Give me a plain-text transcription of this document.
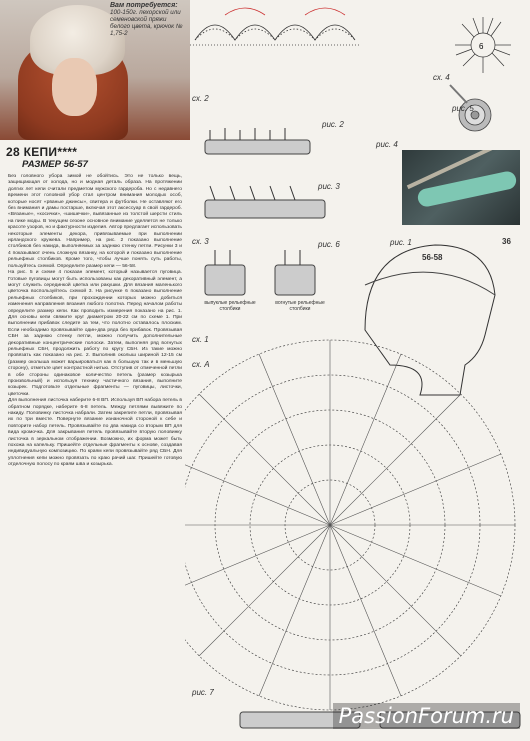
Вам потребуется: 100-150г. пехорской или семеновской пряжи белого цвета, крючок № 1,75-2
28 КЕПИ****
РАЗМЕР 56-57

Без головного убора зимой не обойтись. Это не только вещь, защищающая от холода, но и модная деталь образа. На протяжении долгих лет кепи считали предметом мужского гардероба. Но с недавнего времени этот головной убор стал центром внимания молодых особ, которые носят «рваные джинсы», свитера и футболки. Не оставляют его без внимания и дамы постарше, включая этот аксессуар в свой гардероб. «Вязаные», «косички», «шишечки», вывязанные из толстой шерсти стиль на пике моды. В текущем сезоне основное внимание уделяется не только красоте узоров, но и фактурности изделия. Автор предлагает использовать некоторые элементы декора, привязываемые при выполнении ирландского кружева. Например, на рис. 2 показано выполнение столбиков без накида, выполняемых за заднюю стенку петли. Рисунки 3 и 4 показывают очень сложную вязанку, на которой и показано выполнение рельефных столбиков. Кроме того, чтобы лучше понять суть работы, пользуйтесь схемой. Определите размер кепи — 56-58.

На рис. 5 и схеме 4 показан элемент, который называется пуговица. Готовые пуговицы могут быть использованы как декоративный элемент, а могут служить серединкой цветка или ракушки. Для вязания маленького цветочка воспользуйтесь схемой 3. На рисунке 6 показано выполнение рельефных столбиков, при прохождении которых можно добиться изменения направления вязания любого полотна. Перед началом работы определите размер кепи. Как проводить измерения показано на рис. 1. Для основы кепи свяжите круг диаметром 20-22 см по схеме 1. При выполнении прибавок следите за тем, что полотно оставалось плоским. Если необходимо провязывайте один-два ряда без прибавок. Провязывая СБН за заднюю стенку петли, можно получить дополнительные декоративные концентрические полоски. Затем, выполняя ряд вогнутых рельефных СБН, продолжить работу по кругу СБН. Из такие можно провязать как показано на рис. 2. Выполнив околыш шириной 12-15 см (размер околыша может варьироваться как в большую так и в меньшую сторону), отметьте цвет контрастной нитью. Отступив от отмеченной петли в обе стороны одинаковое количество петель (размер козырька произвольный) и используя технику частичного вязания, выполните козырек. Подготовьте отдельные фрагменты — пуговицы, листочки, цветочки.

Для выполнения листочка наберите 6-8 ВП. Используя ВП набора петель в обратном порядке, наберите 6-8 петель. Между петлями вывяжите по накиду. Половинку листочка набрали. Затем закрепите петли, провязывая их по три вместе. Повернуте вязание изнаночной стороной к себе и повторите набор петель. Провязывайте по два накида со вторым ВП для вида кромочка. Для закрывания петель провязывайте вторую половинку листочка в зеркальном отображении. Возможно, их форма может быть похожа на капельку. Пришейте отдельные фрагменты к основе, создавая индивидуальную композицию. По краям кепи провязывайте ряд СБН. Для уплотнения кепи можно провязать по краю рачий шаг. Пришейте готовую отделочную полосу по краям шва и козырька.

6
сх. 2
сх. 4
рис. 5
рис. 2
рис. 4
рис. 3
сх. 3	рис. 6	рис. 1	36
56-58
выпуклые рельефные столбики
вогнутые рельефные столбики
сх. 1
сх. А
рис. 7
PassionForum.ru
